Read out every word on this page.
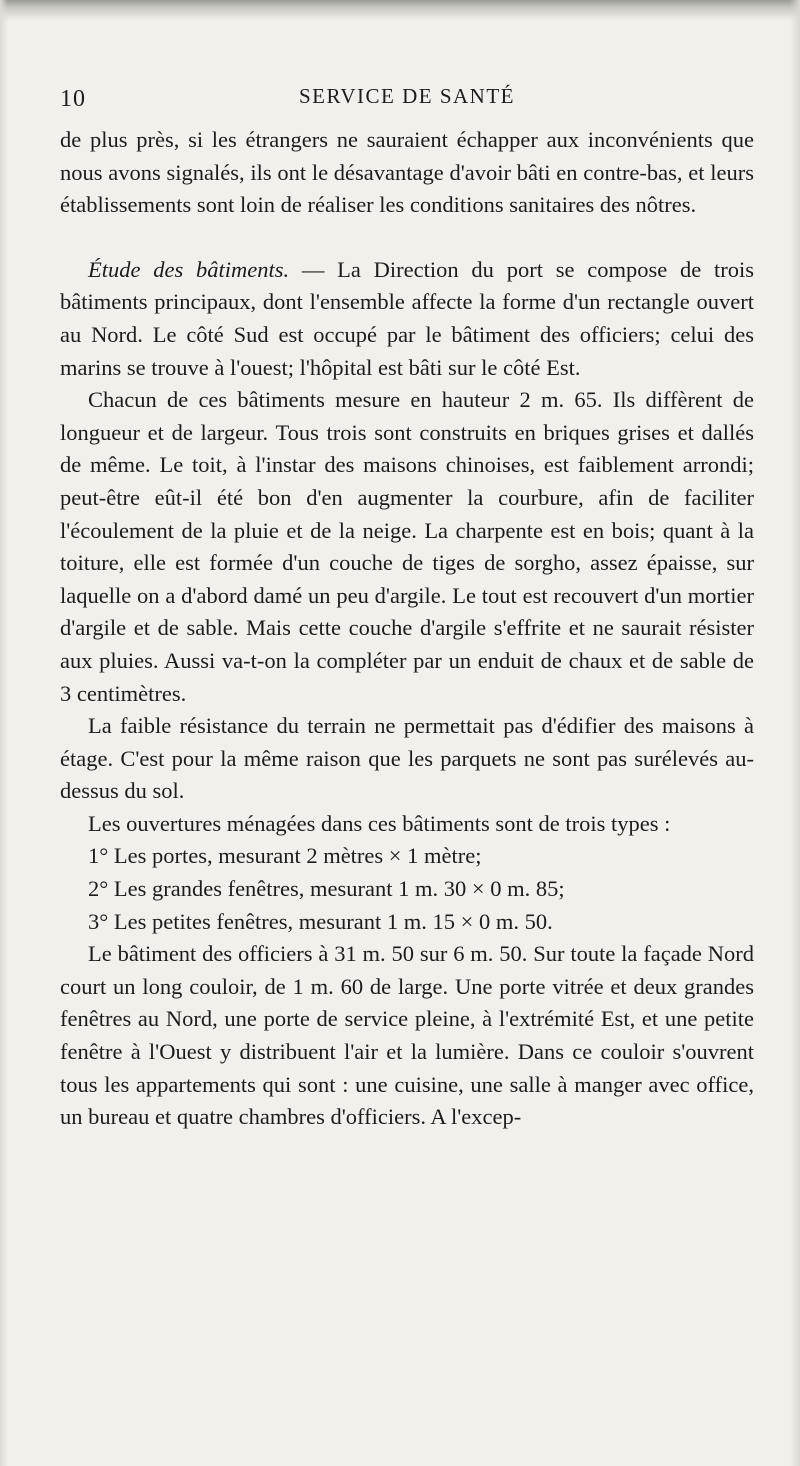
10	SERVICE DE SANTÉ

de plus près, si les étrangers ne sauraient échapper aux inconvénients que nous avons signalés, ils ont le désavantage d'avoir bâti en contre-bas, et leurs établissements sont loin de réaliser les conditions sanitaires des nôtres.

Étude des bâtiments. — La Direction du port se compose de trois bâtiments principaux, dont l'ensemble affecte la forme d'un rectangle ouvert au Nord. Le côté Sud est occupé par le bâtiment des officiers; celui des marins se trouve à l'ouest; l'hôpital est bâti sur le côté Est.

Chacun de ces bâtiments mesure en hauteur 2 m. 65. Ils diffèrent de longueur et de largeur. Tous trois sont construits en briques grises et dallés de même. Le toit, à l'instar des maisons chinoises, est faiblement arrondi; peut-être eût-il été bon d'en augmenter la courbure, afin de faciliter l'écoulement de la pluie et de la neige. La charpente est en bois; quant à la toiture, elle est formée d'un couche de tiges de sorgho, assez épaisse, sur laquelle on a d'abord damé un peu d'argile. Le tout est recouvert d'un mortier d'argile et de sable. Mais cette couche d'argile s'effrite et ne saurait résister aux pluies. Aussi va-t-on la compléter par un enduit de chaux et de sable de 3 centimètres.

La faible résistance du terrain ne permettait pas d'édifier des maisons à étage. C'est pour la même raison que les parquets ne sont pas surélevés au-dessus du sol.

Les ouvertures ménagées dans ces bâtiments sont de trois types :

1° Les portes, mesurant 2 mètres × 1 mètre;

2° Les grandes fenêtres, mesurant 1 m. 30 × 0 m. 85;

3° Les petites fenêtres, mesurant 1 m. 15 × 0 m. 50.

Le bâtiment des officiers à 31 m. 50 sur 6 m. 50. Sur toute la façade Nord court un long couloir, de 1 m. 60 de large. Une porte vitrée et deux grandes fenêtres au Nord, une porte de service pleine, à l'extrémité Est, et une petite fenêtre à l'Ouest y distribuent l'air et la lumière. Dans ce couloir s'ouvrent tous les appartements qui sont : une cuisine, une salle à manger avec office, un bureau et quatre chambres d'officiers. A l'excep-
